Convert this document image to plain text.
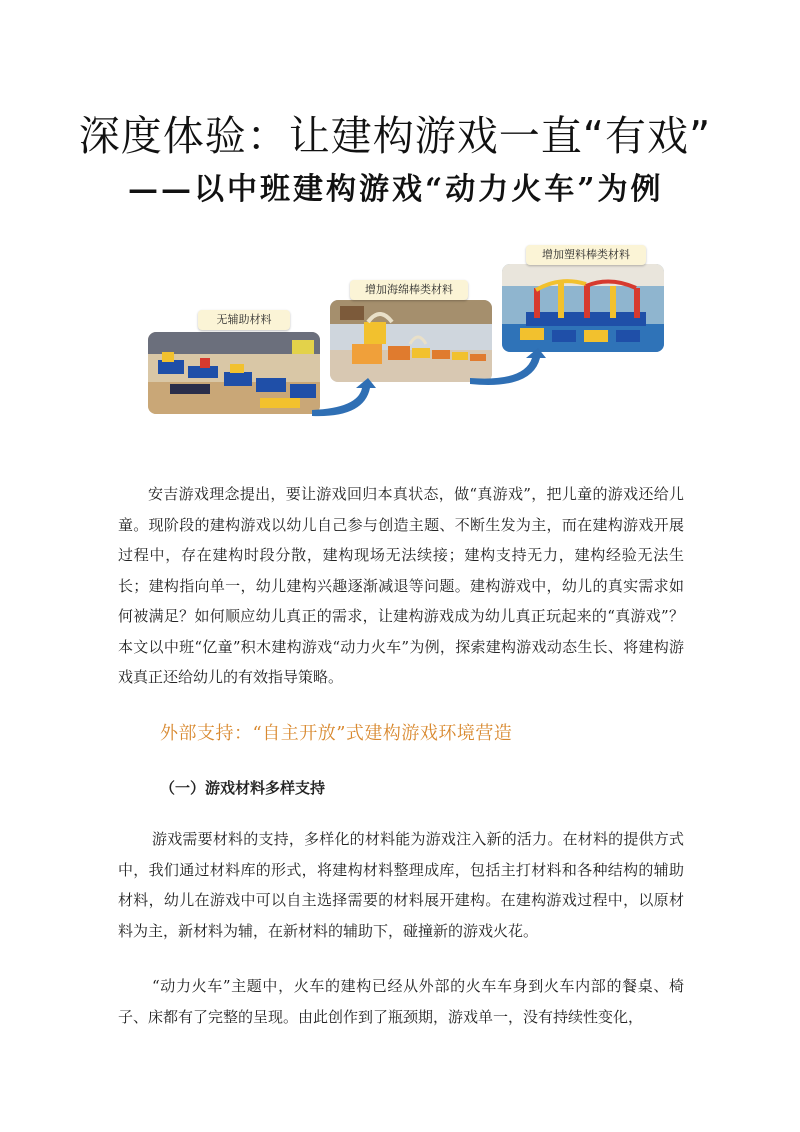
深度体验：让建构游戏一直“有戏”
——以中班建构游戏“动力火车”为例
无辅助材料
增加海绵棒类材料
增加塑料棒类材料

安吉游戏理念提出，要让游戏回归本真状态，做“真游戏”，把儿童的游戏还给儿童。现阶段的建构游戏以幼儿自己参与创造主题、不断生发为主，而在建构游戏开展过程中，存在建构时段分散，建构现场无法续接；建构支持无力，建构经验无法生长；建构指向单一，幼儿建构兴趣逐渐减退等问题。建构游戏中，幼儿的真实需求如何被满足？如何顺应幼儿真正的需求，让建构游戏成为幼儿真正玩起来的“真游戏”？本文以中班“亿童”积木建构游戏“动力火车”为例，探索建构游戏动态生长、将建构游戏真正还给幼儿的有效指导策略。

外部支持：“自主开放”式建构游戏环境营造
（一）游戏材料多样支持

游戏需要材料的支持，多样化的材料能为游戏注入新的活力。在材料的提供方式中，我们通过材料库的形式，将建构材料整理成库，包括主打材料和各种结构的辅助材料，幼儿在游戏中可以自主选择需要的材料展开建构。在建构游戏过程中，以原材料为主，新材料为辅，在新材料的辅助下，碰撞新的游戏火花。

“动力火车”主题中，火车的建构已经从外部的火车车身到火车内部的餐桌、椅子、床都有了完整的呈现。由此创作到了瓶颈期，游戏单一，没有持续性变化，
